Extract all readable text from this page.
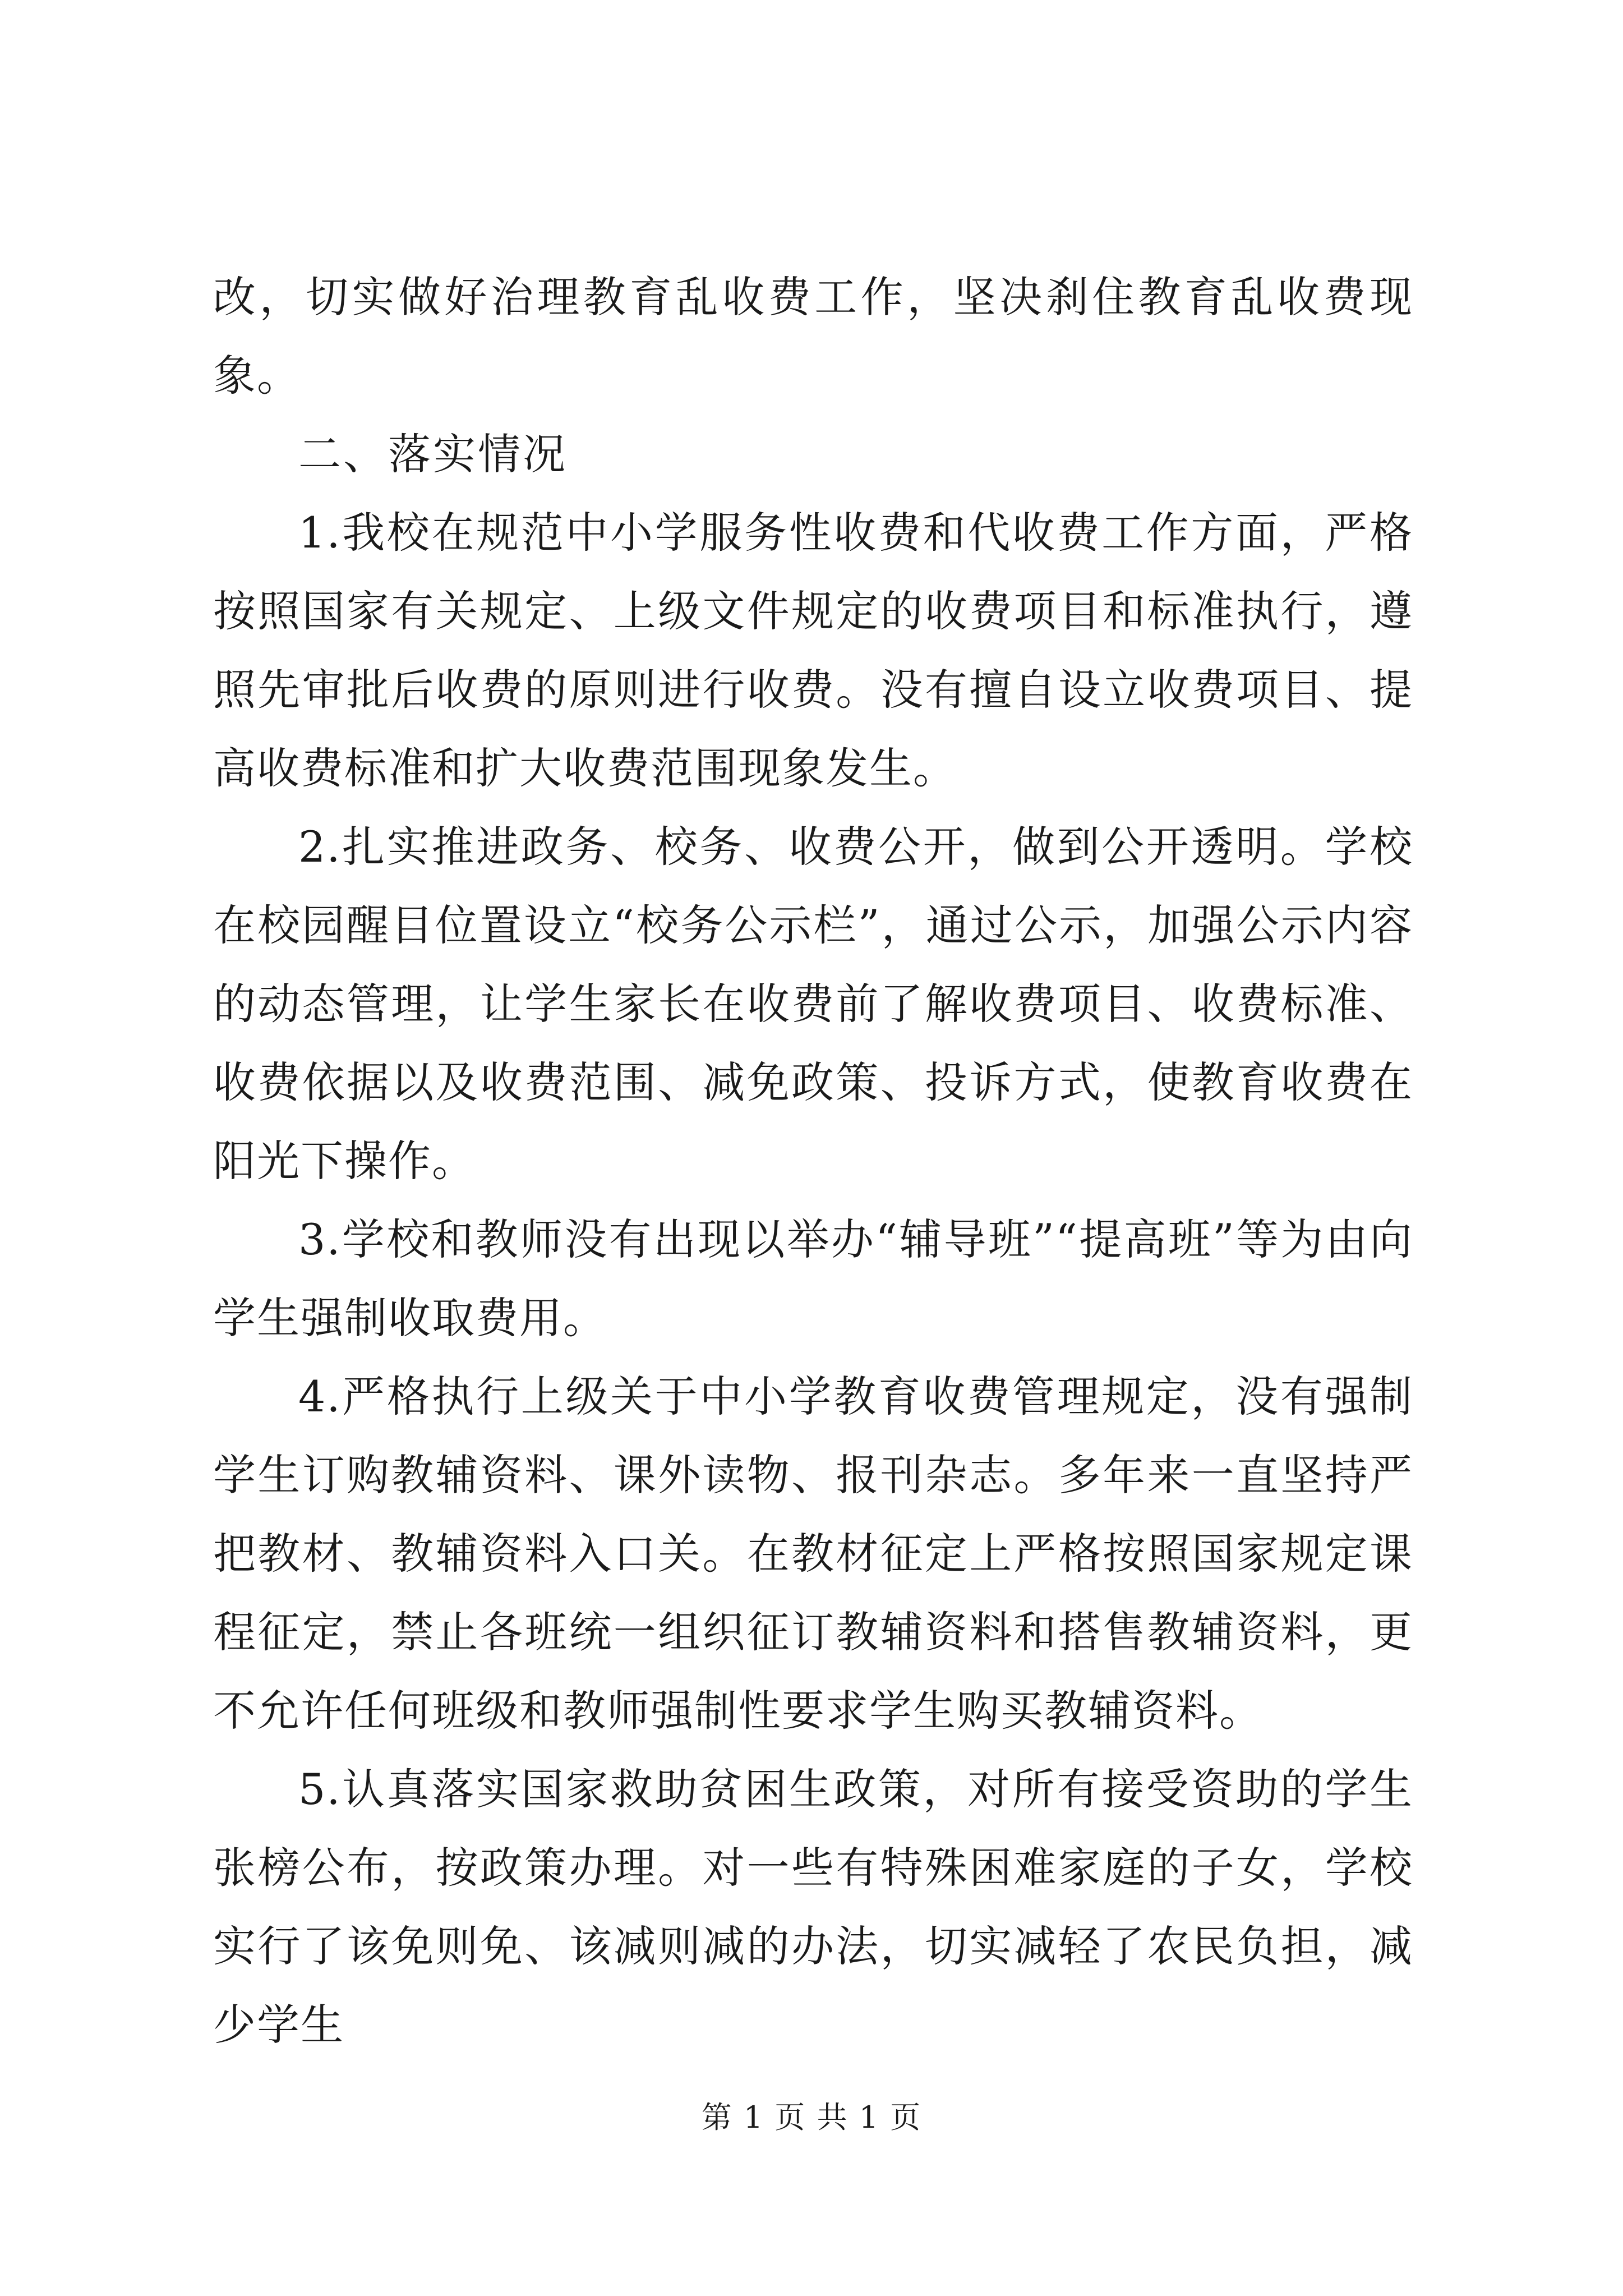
改，切实做好治理教育乱收费工作，坚决刹住教育乱收费现象。

二、落实情况

1.我校在规范中小学服务性收费和代收费工作方面，严格按照国家有关规定、上级文件规定的收费项目和标准执行，遵照先审批后收费的原则进行收费。没有擅自设立收费项目、提高收费标准和扩大收费范围现象发生。

2.扎实推进政务、校务、收费公开，做到公开透明。学校在校园醒目位置设立“校务公示栏”，通过公示，加强公示内容的动态管理，让学生家长在收费前了解收费项目、收费标准、收费依据以及收费范围、减免政策、投诉方式，使教育收费在阳光下操作。

3.学校和教师没有出现以举办“辅导班”“提高班”等为由向学生强制收取费用。

4.严格执行上级关于中小学教育收费管理规定，没有强制学生订购教辅资料、课外读物、报刊杂志。多年来一直坚持严把教材、教辅资料入口关。在教材征定上严格按照国家规定课程征定，禁止各班统一组织征订教辅资料和搭售教辅资料，更不允许任何班级和教师强制性要求学生购买教辅资料。

5.认真落实国家救助贫困生政策，对所有接受资助的学生张榜公布，按政策办理。对一些有特殊困难家庭的子女，学校实行了该免则免、该减则减的办法，切实减轻了农民负担，减少学生

第 1 页 共 1 页
